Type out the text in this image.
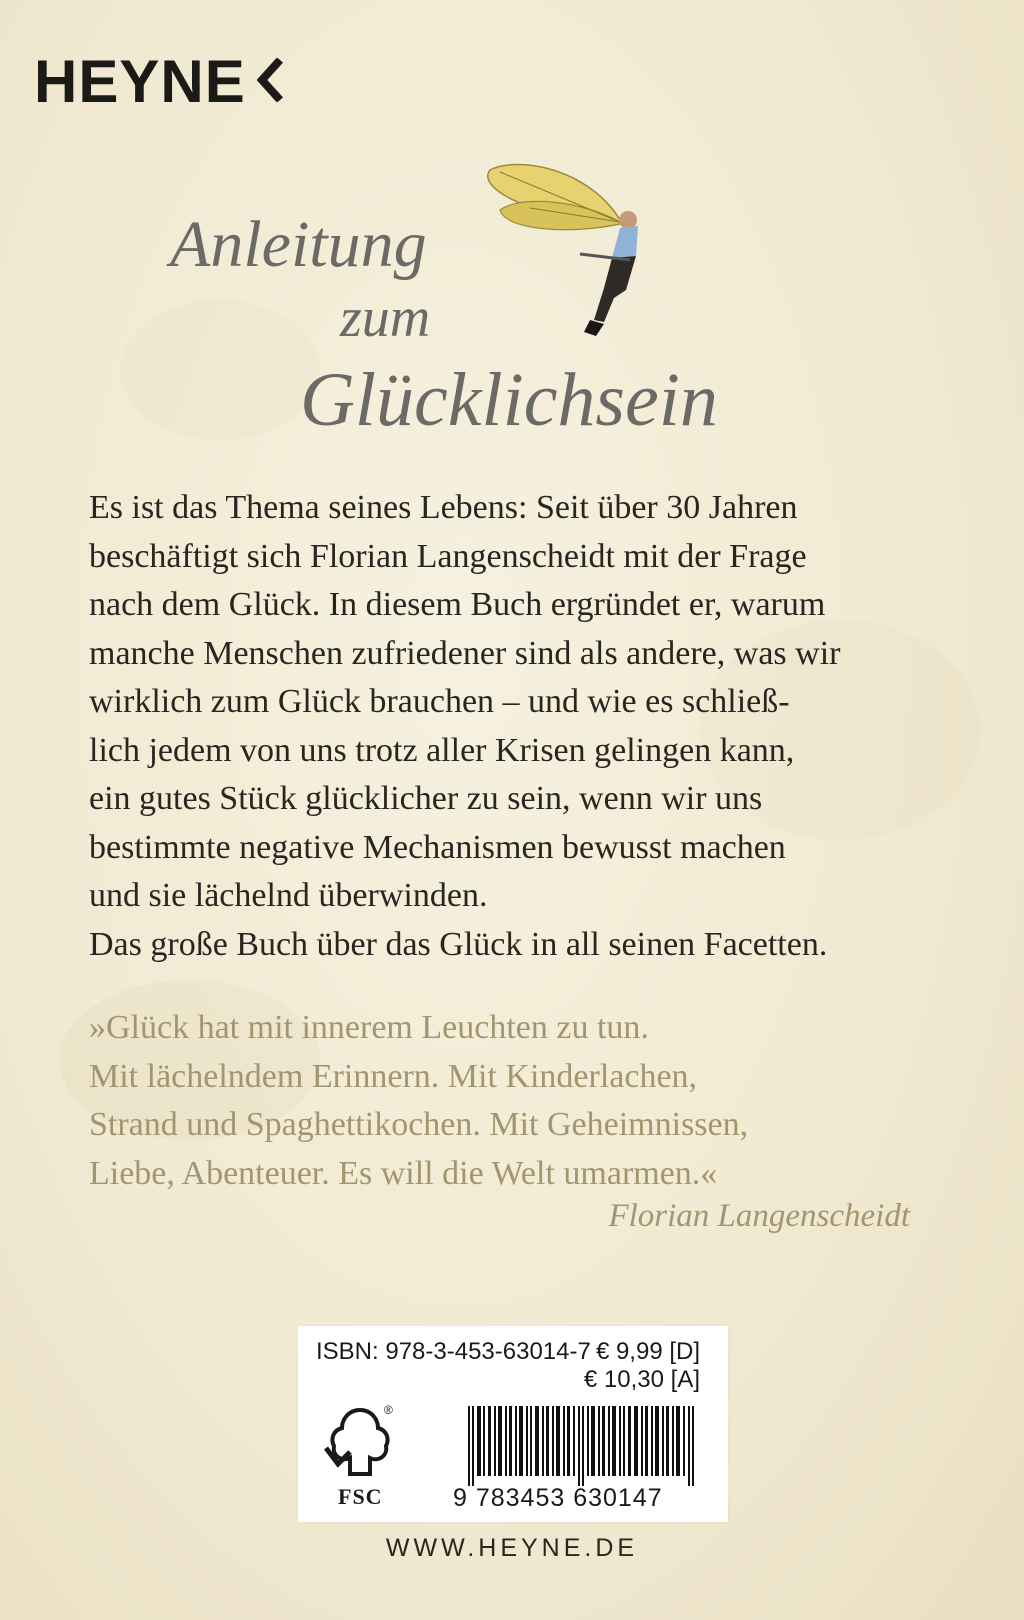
HEYNE
Anleitung
zum
Glücklichsein

Es ist das Thema seines Lebens: Seit über 30 Jahren

beschäftigt sich Florian Langenscheidt mit der Frage

nach dem Glück. In diesem Buch ergründet er, warum

manche Menschen zufriedener sind als andere, was wir

wirklich zum Glück brauchen – und wie es schließ-

lich jedem von uns trotz aller Krisen gelingen kann,

ein gutes Stück glücklicher zu sein, wenn wir uns

bestimmte negative Mechanismen bewusst machen

und sie lächelnd überwinden.

Das große Buch über das Glück in all seinen Facetten.

»Glück hat mit innerem Leuchten zu tun.

Mit lächelndem Erinnern. Mit Kinderlachen,

Strand und Spaghettikochen. Mit Geheimnissen,

Liebe, Abenteuer. Es will die Welt umarmen.«

Florian Langenscheidt
ISBN: 978-3-453-63014-7 € 9,99 [D]
€ 10,30 [A]
®
FSC	9 783453 630147
WWW.HEYNE.DE
